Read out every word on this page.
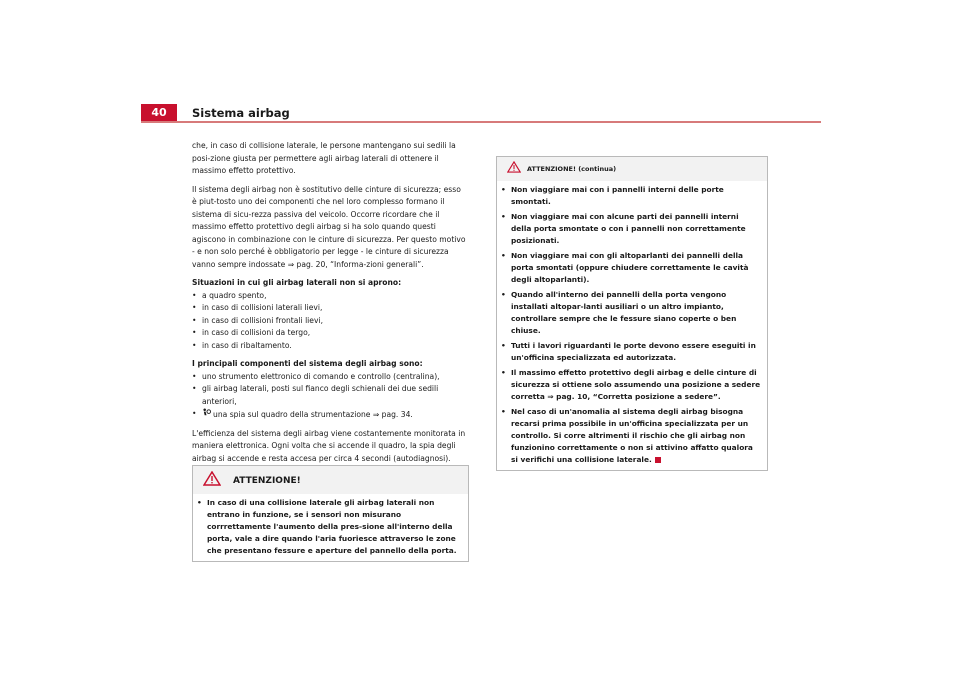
40	Sistema airbag

che, in caso di collisione laterale, le persone mantengano sui sedili la posi-zione giusta per permettere agli airbag laterali di ottenere il massimo effetto protettivo.

Il sistema degli airbag non è sostitutivo delle cinture di sicurezza; esso è piut-tosto uno dei componenti che nel loro complesso formano il sistema di sicu-rezza passiva del veicolo. Occorre ricordare che il massimo effetto protettivo degli airbag si ha solo quando questi agiscono in combinazione con le cinture di sicurezza. Per questo motivo - e non solo perché è obbligatorio per legge - le cinture di sicurezza vanno sempre indossate ⇒ pag. 20, “Informa-zioni generali”.

Situazioni in cui gli airbag laterali non si aprono:
• a quadro spento,
• in caso di collisioni laterali lievi,
• in caso di collisioni frontali lievi,
• in caso di collisioni da tergo,
• in caso di ribaltamento.
I principali componenti del sistema degli airbag sono:
• uno strumento elettronico di comando e controllo (centralina),
• gli airbag laterali, posti sul fianco degli schienali dei due sedili anteriori,
• una spia sul quadro della strumentazione ⇒ pag. 34.

L'efficienza del sistema degli airbag viene costantemente monitorata in maniera elettronica. Ogni volta che si accende il quadro, la spia degli airbag si accende e resta accesa per circa 4 secondi (autodiagnosi).

ATTENZIONE!
• In caso di una collisione laterale gli airbag laterali non entrano in funzione, se i sensori non misurano corrrettamente l'aumento della pres-sione all'interno della porta, vale a dire quando l'aria fuoriesce attraverso le zone che presentano fessure e aperture del pannello della porta.
ATTENZIONE! (continua)
• Non viaggiare mai con i pannelli interni delle porte smontati.
• Non viaggiare mai con alcune parti dei pannelli interni della porta smontate o con i pannelli non correttamente posizionati.
• Non viaggiare mai con gli altoparlanti dei pannelli della porta smontati (oppure chiudere correttamente le cavità degli altoparlanti).
• Quando all'interno dei pannelli della porta vengono installati altopar-lanti ausiliari o un altro impianto, controllare sempre che le fessure siano coperte o ben chiuse.
• Tutti i lavori riguardanti le porte devono essere eseguiti in un'officina specializzata ed autorizzata.
• Il massimo effetto protettivo degli airbag e delle cinture di sicurezza si ottiene solo assumendo una posizione a sedere corretta ⇒ pag. 10, “Corretta posizione a sedere”.
• Nel caso di un'anomalia al sistema degli airbag bisogna recarsi prima possibile in un'officina specializzata per un controllo. Si corre altrimenti il rischio che gli airbag non funzionino correttamente o non si attivino affatto qualora si verifichi una collisione laterale.
